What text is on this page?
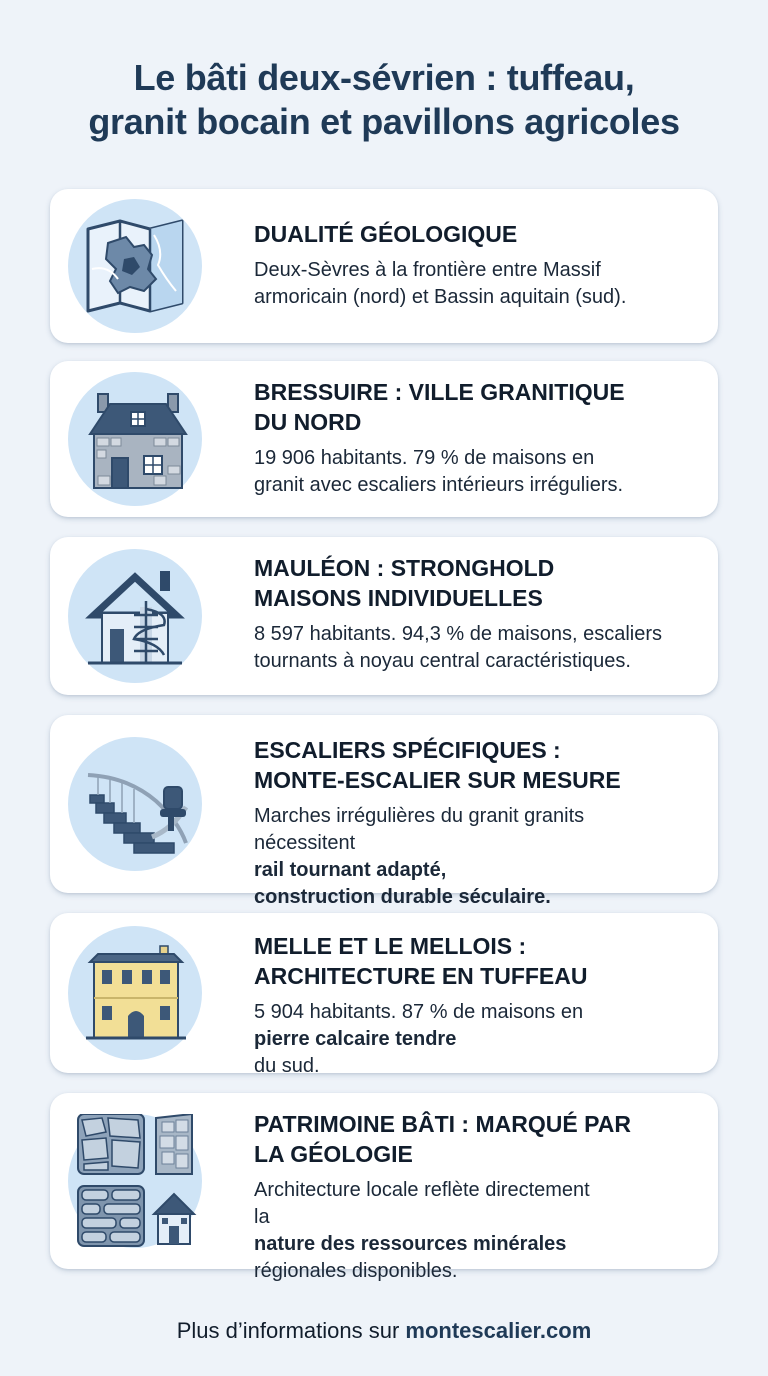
Le bâti deux-sévrien : tuffeau,
granit bocain et pavillons agricoles
DUALITÉ GÉOLOGIQUE

Deux-Sèvres à la frontière entre Massif
armoricain (nord) et Bassin aquitain (sud).

BRESSUIRE : VILLE GRANITIQUE
DU NORD

19 906 habitants. 79 % de maisons en
granit avec escaliers intérieurs irréguliers.

MAULÉON : STRONGHOLD
MAISONS INDIVIDUELLES

8 597 habitants. 94,3 % de maisons, escaliers
tournants à noyau central caractéristiques.

ESCALIERS SPÉCIFIQUES :
MONTE-ESCALIER SUR MESURE

Marches irrégulières du granit granits
nécessitent
rail tournant adapté,
construction durable séculaire.

MELLE ET LE MELLOIS :
ARCHITECTURE EN TUFFEAU

5 904 habitants. 87 % de maisons en
pierre calcaire tendre
du sud.

PATRIMOINE BÂTI : MARQUÉ PAR
LA GÉOLOGIE

Architecture locale reflète directement
la
nature des ressources minérales
régionales disponibles.

Plus d’informations sur montescalier.com
